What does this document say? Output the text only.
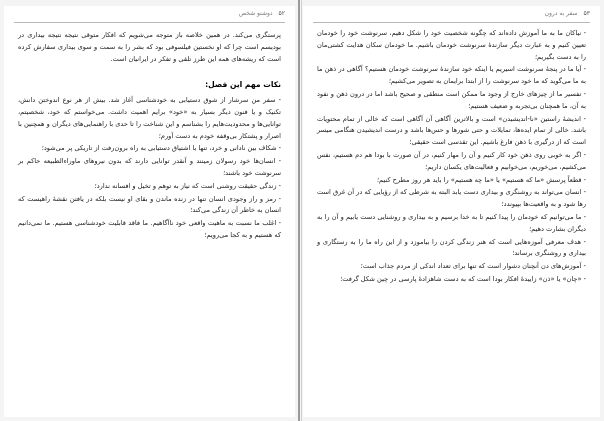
۵۲
دوشنو شخص

پرستگری می‌کند. در همین خلاصه باز متوجه می‌شویم که افکار متوقی نتیجه نتیجه بیداری در بودیسم است چرا که او نخستین فیلسوفی بود که بشر را به سمت و سوی بیداری سفارش کرده است که ریشه‌های همه این طرز تلقی و تفکر در ایرانیان است.

نکات مهم این فصل:

- سفر من سرشار از شوق دستیابی به خودشناسی آغاز شد. بیش از هر نوع اندوختن دانش، تکنیک و یا فنون دیگر بسیار به «خود» برایم اهمیت داشت. می‌خواستم که خود، شخصیتم، توانایی‌ها و محدودیت‌هایم را بشناسم و این شناخت را تا حدی با راهنمایی‌های دیگران و همچنین با اصرار و پشتکار بی‌وقفه خودم به دست آورم؛

- شکاف بین نادانی و خرد، تنها با اشتیاق دستیابی به راه برون‌رفت از تاریکی پر می‌شود؛

- انسان‌ها خود رسولان زمینند و آنقدر توانایی دارند که بدون نیروهای ماوراءالطبیعه حاکم بر سرنوشت خود باشند؛

- زندگی حقیقت روشنی است که نیاز به توهم و تخیل و افسانه ندارد؛

- رمز و راز وجودی انسان تنها در زنده ماندن و بقای او نیست بلکه در یافتن نقشهٔ راهیست که انسان به خاطر آن زندگی می‌کند؛

- اغلب ما نسبت به ماهیت واقعی خود ناآگاهیم. ما فاقد قابلیت خودشناسی هستیم. ما نمی‌دانیم که هستیم و به کجا می‌رویم؛

۵۳
سفر به درون

- نیاکان ما به ما آموزش داده‌اند که چگونه شخصیت خود را شکل دهیم، سرنوشت خود را خودمان تعیین کنیم و به عبارت دیگر سازندهٔ سرنوشت خودمان باشیم. ما خودمان سکان هدایت کشتی‌مان را به دست بگیریم؛

- آیا ما در پنجهٔ سرنوشت اسیریم یا اینکه خود سازندهٔ سرنوشت خودمان هستیم؟ آگاهی در ذهن ما به ما می‌گوید که ما خود سرنوشت را از ابتدا برایمان به تصویر می‌کشیم؛

- تفسیر ما از چیزهای خارج از وجود ما ممکن است منطقی و صحیح باشد اما در درون ذهن و نفود به آن، ما همچنان بی‌تجربه و ضعیف هستیم؛

- اندیشهٔ راستین «نا-اندیشیدن» است و بالاترین آگاهی آن آگاهی است که خالی از تمام محتویات باشد. خالی از تمام ایده‌ها، تمایلات و حتی شورها و حس‌ها باشد و درست اندیشیدن هنگامی میسر است که از درگیری با ذهن فارغ باشیم. این تقدسی است حقیقی؛

- اگر به خوبی روی ذهن خود کار کنیم و آن را مهار کنیم، در آن صورت با بودا هم دم هستیم، نفس می‌کشیم، می‌خوریم، می‌خوابیم و فعالیت‌های یکسان داریم؛

- قطعاً پرسش «ما که هستیم» یا «ما چه هستیم» را باید هر روز مطرح کنیم؛

- انسان می‌تواند به روشنگری و بیداری دست یابد البته به شرطی که از رؤیایی که در آن غرق است رها شود و به واقعیت‌ها بپیوندد؛

- ما می‌توانیم که خودمان را پیدا کنیم تا به خدا برسیم و به بیداری و روشنایی دست یابیم و آن را به دیگران بشارت دهیم؛

- هدف معرفی آموزه‌هایی است که هنر زندگی کردن را بیاموزد و از این راه ما را به رستگاری و بیداری و روشنگری برساند؛

- آموزش‌های دن آنچنان دشوار است که تنها برای تعداد اندکی از مردم جذاب است؛

- «چان» یا «ذن» زاییدهٔ افکار بودا است که به دست شاهزادهٔ پارسی در چین شکل گرفت؛
